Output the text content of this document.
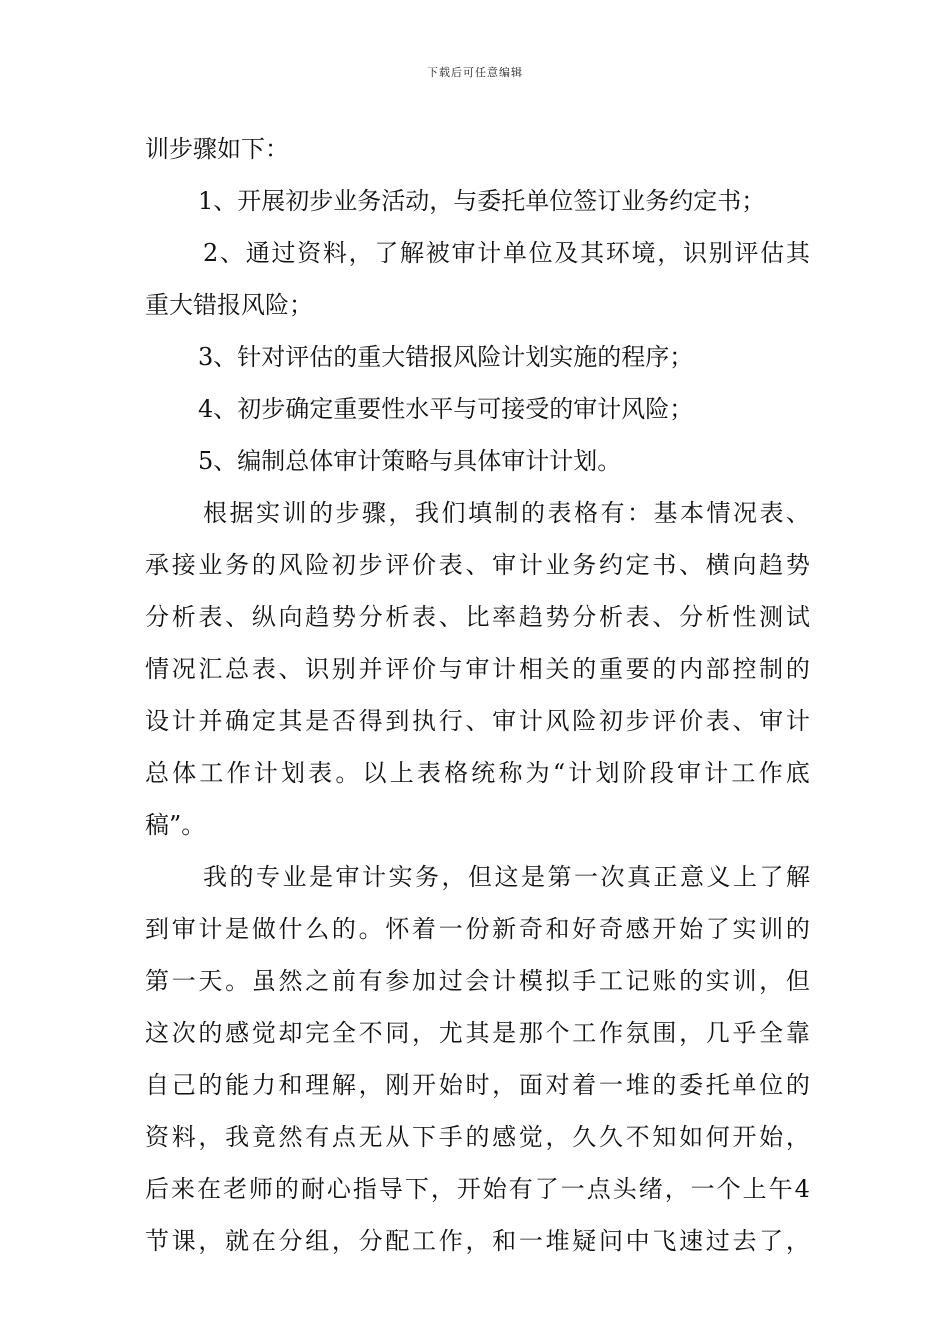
下载后可任意编辑
训步骤如下：
1、开展初步业务活动，与委托单位签订业务约定书；
2 、 通 过 资 料 ， 了 解 被 审 计 单 位 及 其 环 境 ， 识 别 评 估 其
重大错报风险；
3、针对评估的重大错报风险计划实施的程序；
4、初步确定重要性水平与可接受的审计风险；
5、编制总体审计策略与具体审计计划。
根 据 实 训 的 步 骤 ， 我 们 填 制 的 表 格 有 ： 基 本 情 况 表 、
承 接 业 务 的 风 险 初 步 评 价 表 、 审 计 业 务 约 定 书 、 横 向 趋 势
分 析 表 、 纵 向 趋 势 分 析 表 、 比 率 趋 势 分 析 表 、 分 析 性 测 试
情 况 汇 总 表 、 识 别 并 评 价 与 审 计 相 关 的 重 要 的 内 部 控 制 的
设 计 并 确 定 其 是 否 得 到 执 行 、 审 计 风 险 初 步 评 价 表 、 审 计
总 体 工 作 计 划 表 。 以 上 表 格 统 称 为 “ 计 划 阶 段 审 计 工 作 底
稿”。
我 的 专 业 是 审 计 实 务 ， 但 这 是 第 一 次 真 正 意 义 上 了 解
到 审 计 是 做 什 么 的 。 怀 着 一 份 新 奇 和 好 奇 感 开 始 了 实 训 的
第 一 天 。 虽 然 之 前 有 参 加 过 会 计 模 拟 手 工 记 账 的 实 训 ， 但
这 次 的 感 觉 却 完 全 不 同 ， 尤 其 是 那 个 工 作 氛 围 ， 几 乎 全 靠
自 己 的 能 力 和 理 解 ， 刚 开 始 时 ， 面 对 着 一 堆 的 委 托 单 位 的
资 料 ， 我 竟 然 有 点 无 从 下 手 的 感 觉 ， 久 久 不 知 如 何 开 始 ，
后 来 在 老 师 的 耐 心 指 导 下 ， 开 始 有 了 一 点 头 绪 ， 一 个 上 午 4
节 课 ， 就 在 分 组 ， 分 配 工 作 ， 和 一 堆 疑 问 中 飞 速 过 去 了 ，
